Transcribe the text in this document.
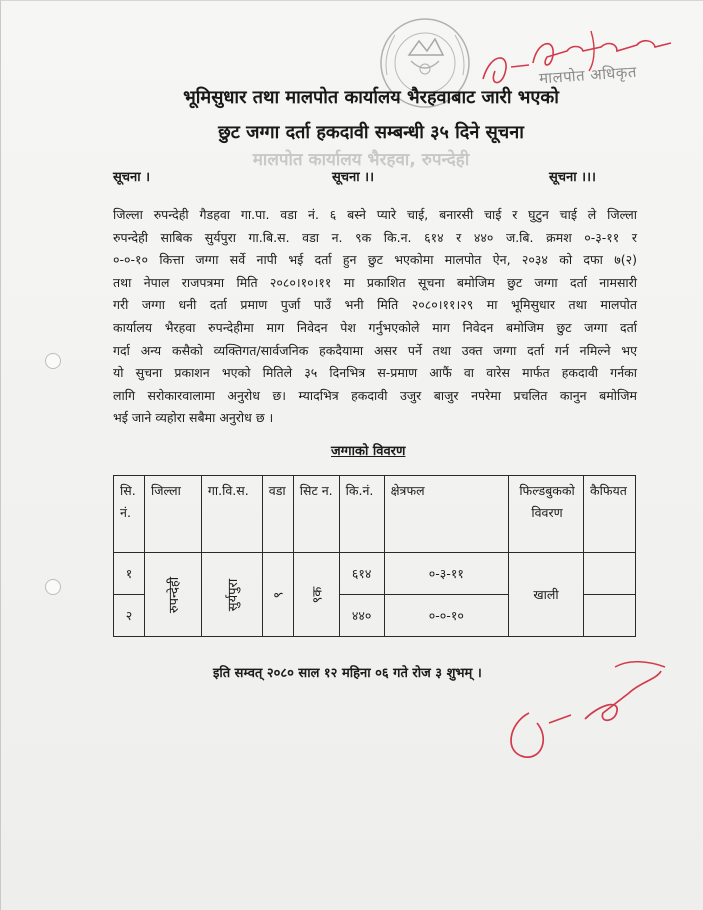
मालपोत अधिकृत
भूमिसुधार तथा मालपोत कार्यालय भैरहवाबाट जारी भएको
छुट जग्गा दर्ता हकदावी सम्बन्धी ३५ दिने सूचना
मालपोत कार्यालय भैरहवा, रुपन्देही
सूचना ।	सूचना ।।	सूचना ।।।
जिल्ला रुपन्देही गैडहवा गा.पा. वडा नं. ६ बस्ने प्यारे चाई, बनारसी चाई र घुटुन चाई ले जिल्ला
रुपन्देही साबिक सुर्यपुरा गा.बि.स. वडा न. ९क कि.न. ६१४ र ४४० ज.बि. क्रमश ०-३-११ र
०-०-१० कित्ता जग्गा सर्वे नापी भई दर्ता हुन छुट भएकोमा मालपोत ऐन, २०३४ को दफा ७(२)
तथा नेपाल राजपत्रमा मिति २०८०।१०।११ मा प्रकाशित सूचना बमोजिम छुट जग्गा दर्ता नामसारी
गरी जग्गा धनी दर्ता प्रमाण पुर्जा पाउँ भनी मिति २०८०।११।२९ मा भूमिसुधार तथा मालपोत
कार्यालय भैरहवा रुपन्देहीमा माग निवेदन पेश गर्नुभएकोले माग निवेदन बमोजिम छुट जग्गा दर्ता
गर्दा अन्य कसैको व्यक्तिगत/सार्वजनिक हकदैयामा असर पर्ने तथा उक्त जग्गा दर्ता गर्न नमिल्ने भए
यो सुचना प्रकाशन भएको मितिले ३५ दिनभित्र स-प्रमाण आफैं वा वारेस मार्फत हकदावी गर्नका
लागि सरोकारवालामा अनुरोध छ। म्यादभित्र हकदावी उजुर बाजुर नपरेमा प्रचलित कानुन बमोजिम
भई जाने व्यहोरा सबैमा अनुरोध छ ।
जग्गाको विवरण
सि. नं.	जिल्ला	गा.वि.स.	वडा	सिट न.	कि.नं.	क्षेत्रफल	फिल्डबुकको विवरण	कैफियत
१	रुपन्देही	सुर्यपुरा	९	९क	६१४	०-३-११	खाली	
२					४४०	०-०-१०		
इति सम्वत् २०८० साल १२ महिना ०६ गते रोज ३ शुभम् ।
